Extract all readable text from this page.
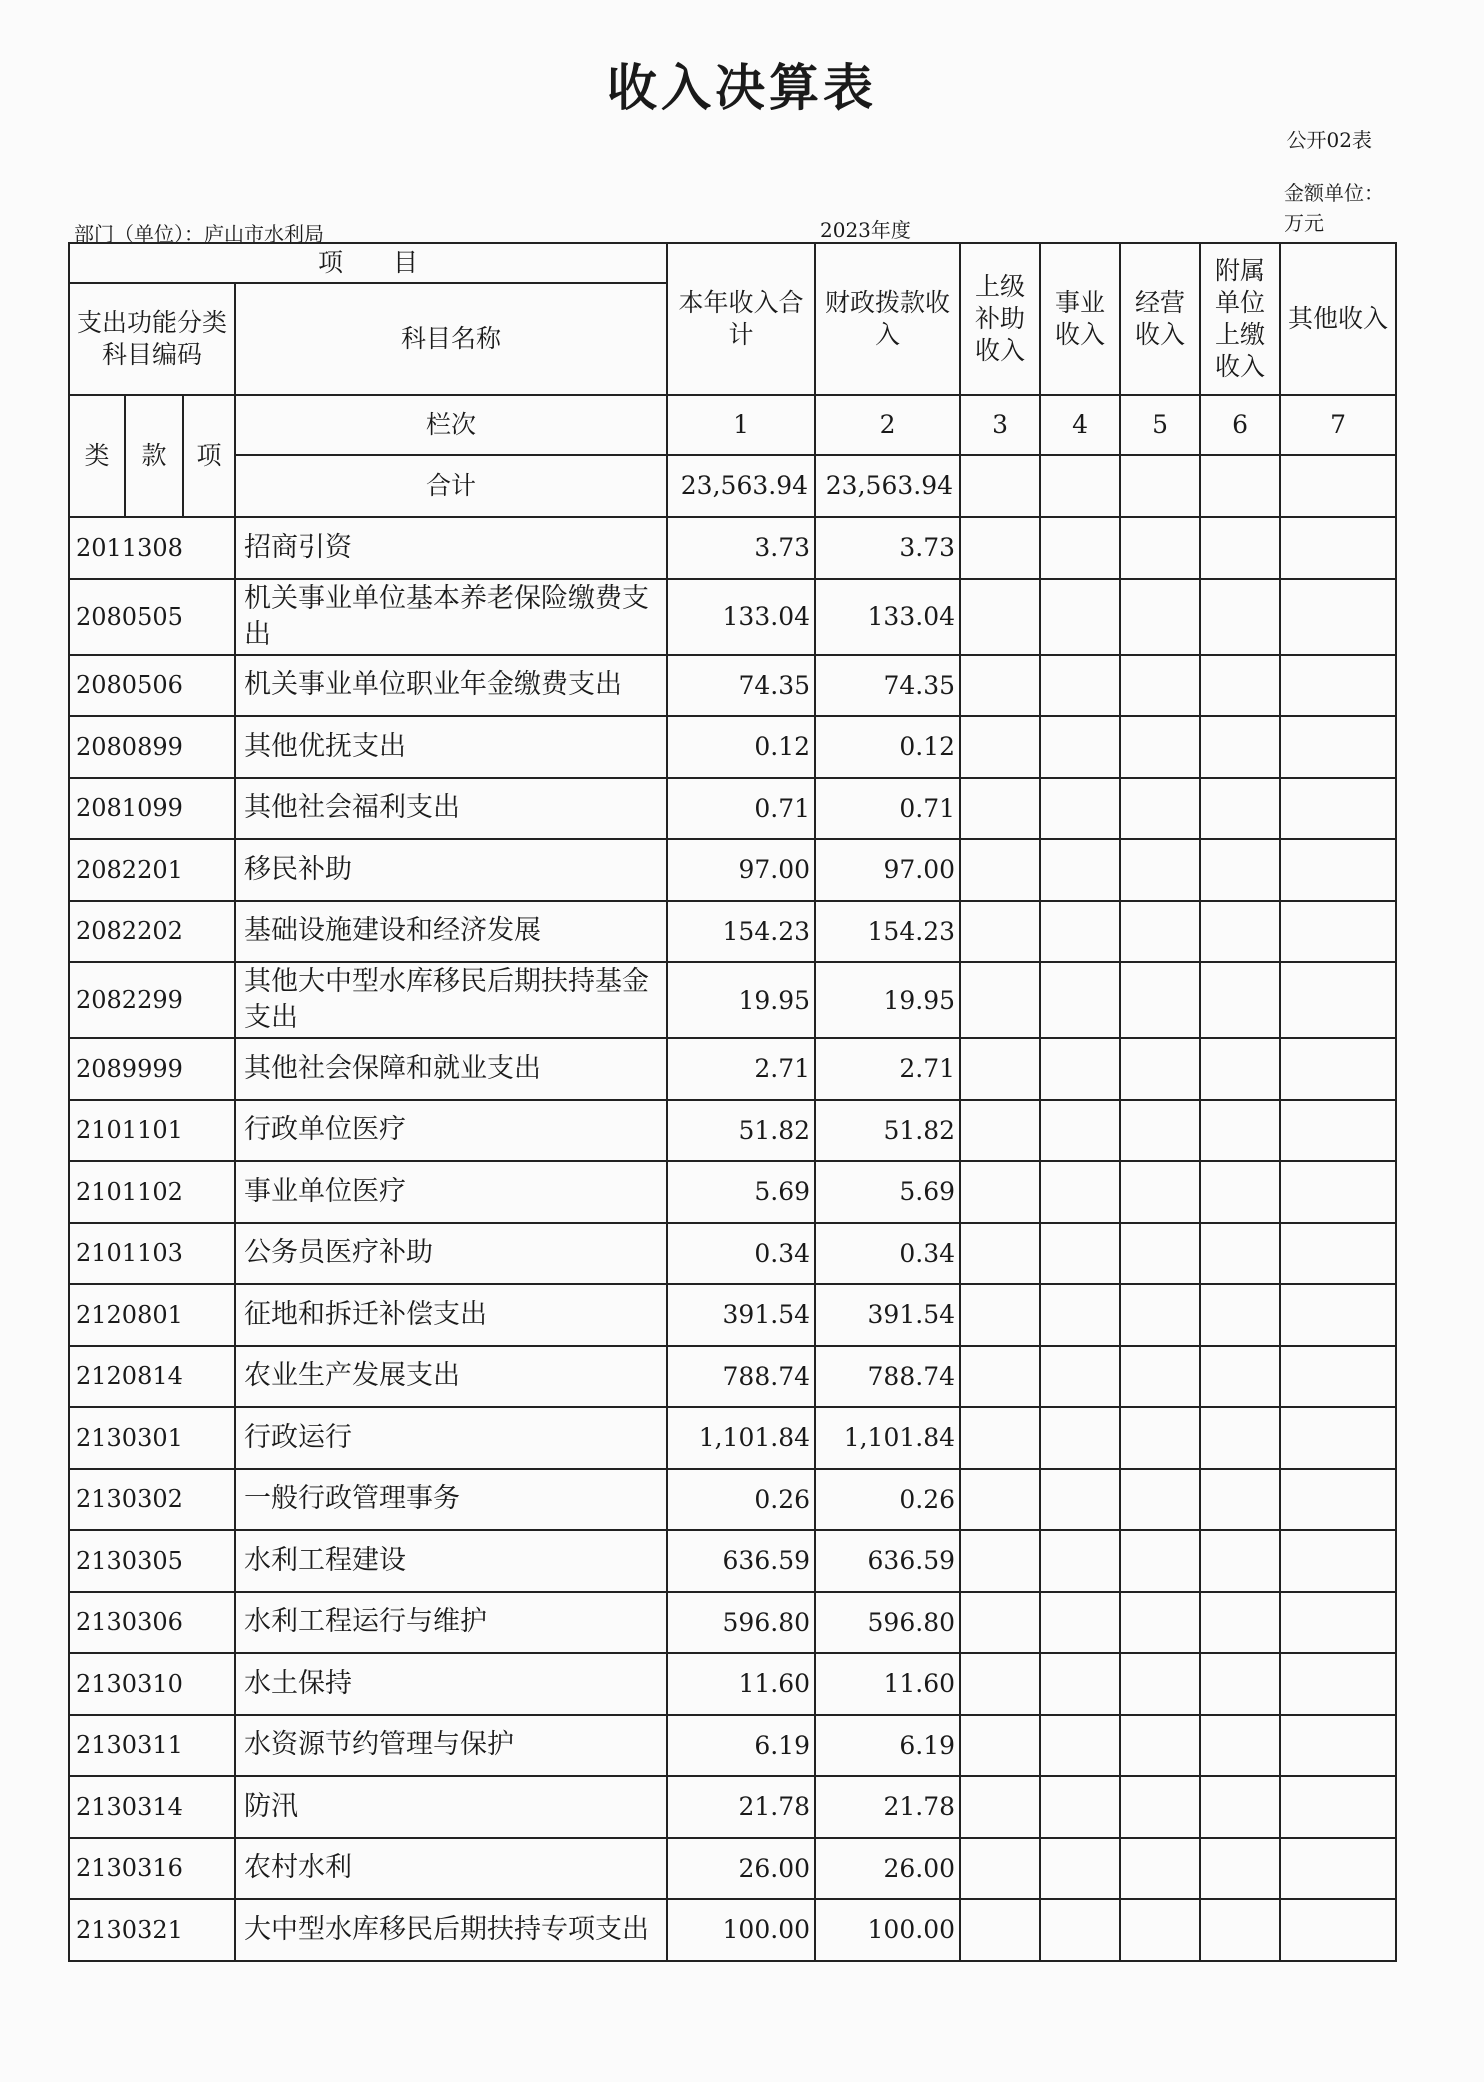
收入决算表
公开02表
金额单位：万元
部门（单位）：庐山市水利局	2023年度
项　　目				本年收入合计	财政拨款收入	上级补助收入	事业收入	经营收入	附属单位上缴收入	其他收入
支出功能分类科目编码			科目名称							
类	款	项	栏次	1	2	3	4	5	6	7
			合计	23,563.94	23,563.94					
2011308			招商引资	3.73	3.73					
2080505			机关事业单位基本养老保险缴费支出	133.04	133.04					
2080506			机关事业单位职业年金缴费支出	74.35	74.35					
2080899			其他优抚支出	0.12	0.12					
2081099			其他社会福利支出	0.71	0.71					
2082201			移民补助	97.00	97.00					
2082202			基础设施建设和经济发展	154.23	154.23					
2082299			其他大中型水库移民后期扶持基金支出	19.95	19.95					
2089999			其他社会保障和就业支出	2.71	2.71					
2101101			行政单位医疗	51.82	51.82					
2101102			事业单位医疗	5.69	5.69					
2101103			公务员医疗补助	0.34	0.34					
2120801			征地和拆迁补偿支出	391.54	391.54					
2120814			农业生产发展支出	788.74	788.74					
2130301			行政运行	1,101.84	1,101.84					
2130302			一般行政管理事务	0.26	0.26					
2130305			水利工程建设	636.59	636.59					
2130306			水利工程运行与维护	596.80	596.80					
2130310			水土保持	11.60	11.60					
2130311			水资源节约管理与保护	6.19	6.19					
2130314			防汛	21.78	21.78					
2130316			农村水利	26.00	26.00					
2130321			大中型水库移民后期扶持专项支出	100.00	100.00					
